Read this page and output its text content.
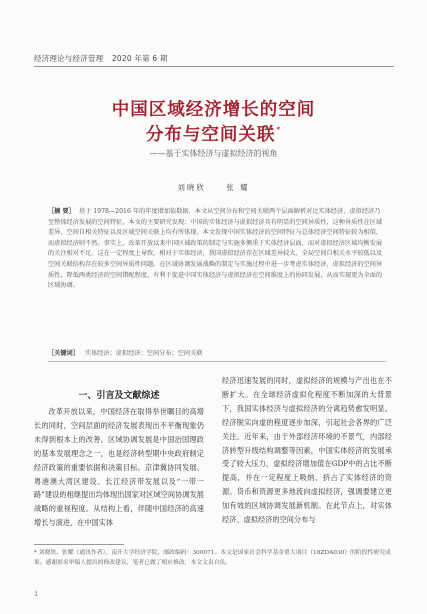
经济理论与经济管理 2020 年第 6 期
中国区域经济增长的空间
分布与空间关联*
——基于实体经济与虚拟经济的视角
刘晓欣	张 耀
［摘 要］ 基于 1978—2016 年的年度增加值数据，本文从空间分布和空间关联两个层面解析对比实体经济、虚拟经济乃至整体经济发展的空间特征。本文的主要研究发现：中国的实体经济与虚拟经济具有明显的空间异质性，这种异质性在区域差异、空间自相关特征以及区域空间关联上均有所体现。本文发现中国实体经济的空间特征与总体经济空间特征较为相似，而虚拟经济则不然。事实上，改革开放以来中国区域政策的制定与实施多侧重于实体经济层面，而对虚拟经济区域均衡发展的关注相对不足。这在一定程度上导致，相对于实体经济，我国虚拟经济存在区域差异较大、全局空间自相关水平较低以及空间关联结构存在较多空间异质性问题。在区域协调发展战略的制定与实施过程中进一步考虑实体经济、虚拟经济的空间异质性，降低两类经济的空间错配程度，有利于促进中国实体经济与虚拟经济在空间维度上的协同发展，从而实现更为全面的区域协调。
［关键词］ 实体经济；虚拟经济；空间分布；空间关联
一、引言及文献综述

改革开放以来，中国经济在取得举世瞩目的高增长的同时，空间层面的经济发展表现出不平衡现象仍未得到根本上的改善。区域协调发展是中国治国理政的基本发展理念之一，也是经济转型期中央政府制定经济政策的重要依据和决策目标。京津冀协同发展、粤港澳大湾区建设、长江经济带发展以及“一带一路”建设的相继提出均体现出国家对区域空间协调发展战略的重视程度。从结构上看，伴随中国经济的高速增长与演进，在中国实体

经济迅速发展的同时，虚拟经济的规模与产出也在不断扩大。在全球经济虚拟化程度不断加深的大背景下，我国实体经济与虚拟经济的分离趋势愈发明显。经济脱实向虚的程度逐步加深，引起社会各界的广泛关注。近年来，由于外部经济环境的不景气，内部经济转型升级结构调整等因素，中国实体经济的发展承受了较大压力，虚拟经济增加值在GDP中的占比不断提高，并在一定程度上吸纳、挤占了实体经济的资源。货币和资源更多地流向虚拟经济，强调要建立更加有效的区域协调发展新机制。在此节点上，对实体经济、虚拟经济的空间分布与

* 刘晓欣、张耀（通讯作者），南开大学经济学院，邮政编码：300071。本文是国家社会科学基金重大项目（18ZDA030）的阶段性研究成果。感谢匿名审稿人提出的修改建议，笔者已做了相应修改，本文文责自负。
1
